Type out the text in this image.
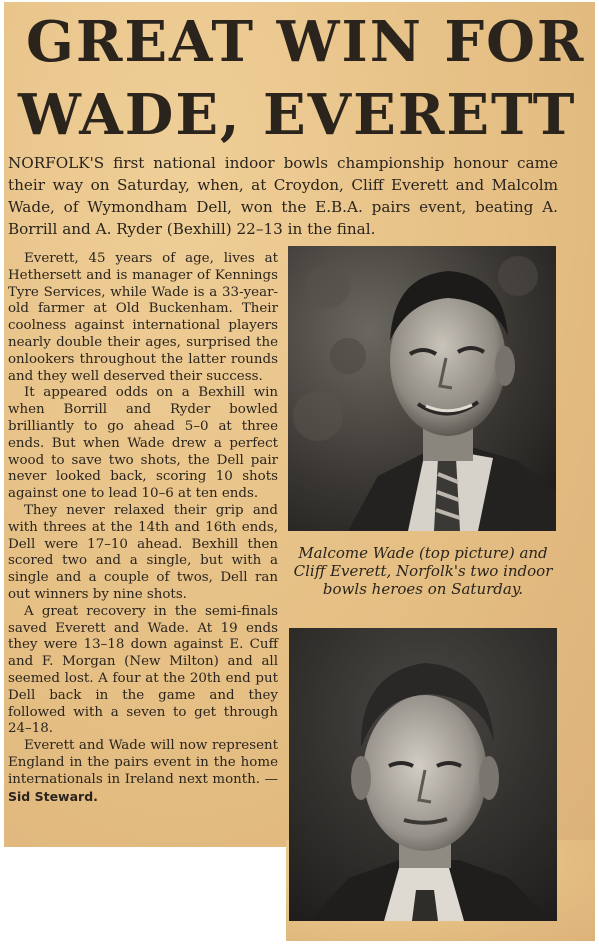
GREAT WIN FOR
WADE, EVERETT
NORFOLK'S first national indoor bowls championship honour came their way on Saturday, when, at Croydon, Cliff Everett and Malcolm Wade, of Wymondham Dell, won the E.B.A. pairs event, beating A. Borrill and A. Ryder (Bexhill) 22–13 in the final.

Everett, 45 years of age, lives at Hethersett and is manager of Kennings Tyre Services, while Wade is a 33-year-old farmer at Old Buckenham. Their coolness against international players nearly double their ages, surprised the onlookers throughout the latter rounds and they well deserved their success.

It appeared odds on a Bexhill win when Borrill and Ryder bowled brilliantly to go ahead 5–0 at three ends. But when Wade drew a perfect wood to save two shots, the Dell pair never looked back, scoring 10 shots against one to lead 10–6 at ten ends.

They never relaxed their grip and with threes at the 14th and 16th ends, Dell were 17–10 ahead. Bexhill then scored two and a single, but with a single and a couple of twos, Dell ran out winners by nine shots.

A great recovery in the semi-finals saved Everett and Wade. At 19 ends they were 13–18 down against E. Cuff and F. Morgan (New Milton) and all seemed lost. A four at the 20th end put Dell back in the game and they followed with a seven to get through 24–18.

Everett and Wade will now represent England in the pairs event in the home internationals in Ireland next month. — Sid Steward.

Malcome Wade (top picture) and Cliff Everett, Norfolk's two indoor bowls heroes on Saturday.
